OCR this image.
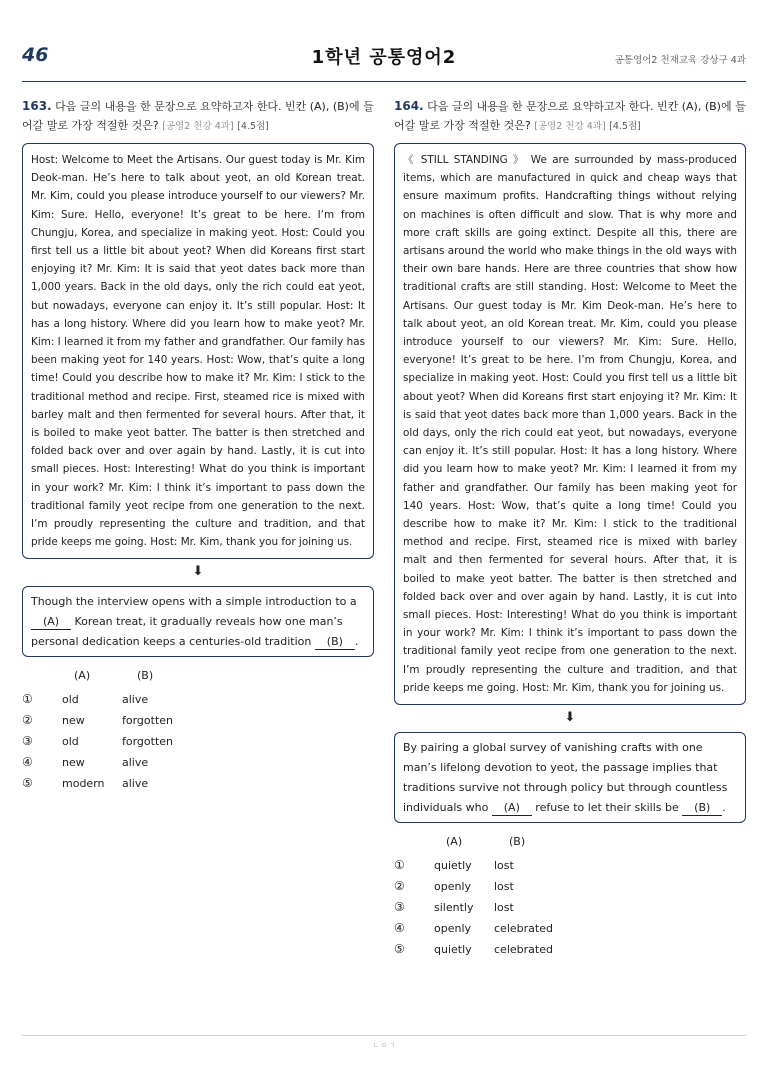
46	1학년 공통영어2	공통영어2 천재교육 강상구 4과
163. 다음 글의 내용을 한 문장으로 요약하고자 한다. 빈칸 (A), (B)에 들어갈 말로 가장 적절한 것은? [공영2 천강 4과] [4.5점]
Host: Welcome to Meet the Artisans. Our guest today is Mr. Kim Deok-man. He’s here to talk about yeot, an old Korean treat. Mr. Kim, could you please introduce yourself to our viewers? Mr. Kim: Sure. Hello, everyone! It’s great to be here. I’m from Chungju, Korea, and specialize in making yeot. Host: Could you first tell us a little bit about yeot? When did Koreans first start enjoying it? Mr. Kim: It is said that yeot dates back more than 1,000 years. Back in the old days, only the rich could eat yeot, but nowadays, everyone can enjoy it. It’s still popular. Host: It has a long history. Where did you learn how to make yeot? Mr. Kim: I learned it from my father and grandfather. Our family has been making yeot for 140 years. Host: Wow, that’s quite a long time! Could you describe how to make it? Mr. Kim: I stick to the traditional method and recipe. First, steamed rice is mixed with barley malt and then fermented for several hours. After that, it is boiled to make yeot batter. The batter is then stretched and folded back over and over again by hand. Lastly, it is cut into small pieces. Host: Interesting! What do you think is important in your work? Mr. Kim: I think it’s important to pass down the traditional family yeot recipe from one generation to the next. I’m proudly representing the culture and tradition, and that pride keeps me going. Host: Mr. Kim, thank you for joining us.
⬇
Though the interview opens with a simple introduction to a (A) Korean treat, it gradually reveals how one man’s personal dedication keeps a centuries-old tradition (B) .
(A)	(B)
①	old	alive
②	new	forgotten
③	old	forgotten
④	new	alive
⑤	modern alive
164. 다음 글의 내용을 한 문장으로 요약하고자 한다. 빈칸 (A), (B)에 들어갈 말로 가장 적절한 것은? [공영2 천강 4과] [4.5점]
《 STILL STANDING 》 We are surrounded by mass-produced items, which are manufactured in quick and cheap ways that ensure maximum profits. Handcrafting things without relying on machines is often difficult and slow. That is why more and more craft skills are going extinct. Despite all this, there are artisans around the world who make things in the old ways with their own bare hands. Here are three countries that show how traditional crafts are still standing. Host: Welcome to Meet the Artisans. Our guest today is Mr. Kim Deok-man. He’s here to talk about yeot, an old Korean treat. Mr. Kim, could you please introduce yourself to our viewers? Mr. Kim: Sure. Hello, everyone! It’s great to be here. I’m from Chungju, Korea, and specialize in making yeot. Host: Could you first tell us a little bit about yeot? When did Koreans first start enjoying it? Mr. Kim: It is said that yeot dates back more than 1,000 years. Back in the old days, only the rich could eat yeot, but nowadays, everyone can enjoy it. It’s still popular. Host: It has a long history. Where did you learn how to make yeot? Mr. Kim: I learned it from my father and grandfather. Our family has been making yeot for 140 years. Host: Wow, that’s quite a long time! Could you describe how to make it? Mr. Kim: I stick to the traditional method and recipe. First, steamed rice is mixed with barley malt and then fermented for several hours. After that, it is boiled to make yeot batter. The batter is then stretched and folded back over and over again by hand. Lastly, it is cut into small pieces. Host: Interesting! What do you think is important in your work? Mr. Kim: I think it’s important to pass down the traditional family yeot recipe from one generation to the next. I’m proudly representing the culture and tradition, and that pride keeps me going. Host: Mr. Kim, thank you for joining us.
⬇
By pairing a global survey of vanishing crafts with one man’s lifelong devotion to yeot, the passage implies that traditions survive not through policy but through countless individuals who (A) refuse to let their skills be (B) .
(A)	(B)
①	quietly lost
②	openly lost
③	silently lost
④	openly celebrated
⑤	quietly celebrated
ㄴㅇㄱ
